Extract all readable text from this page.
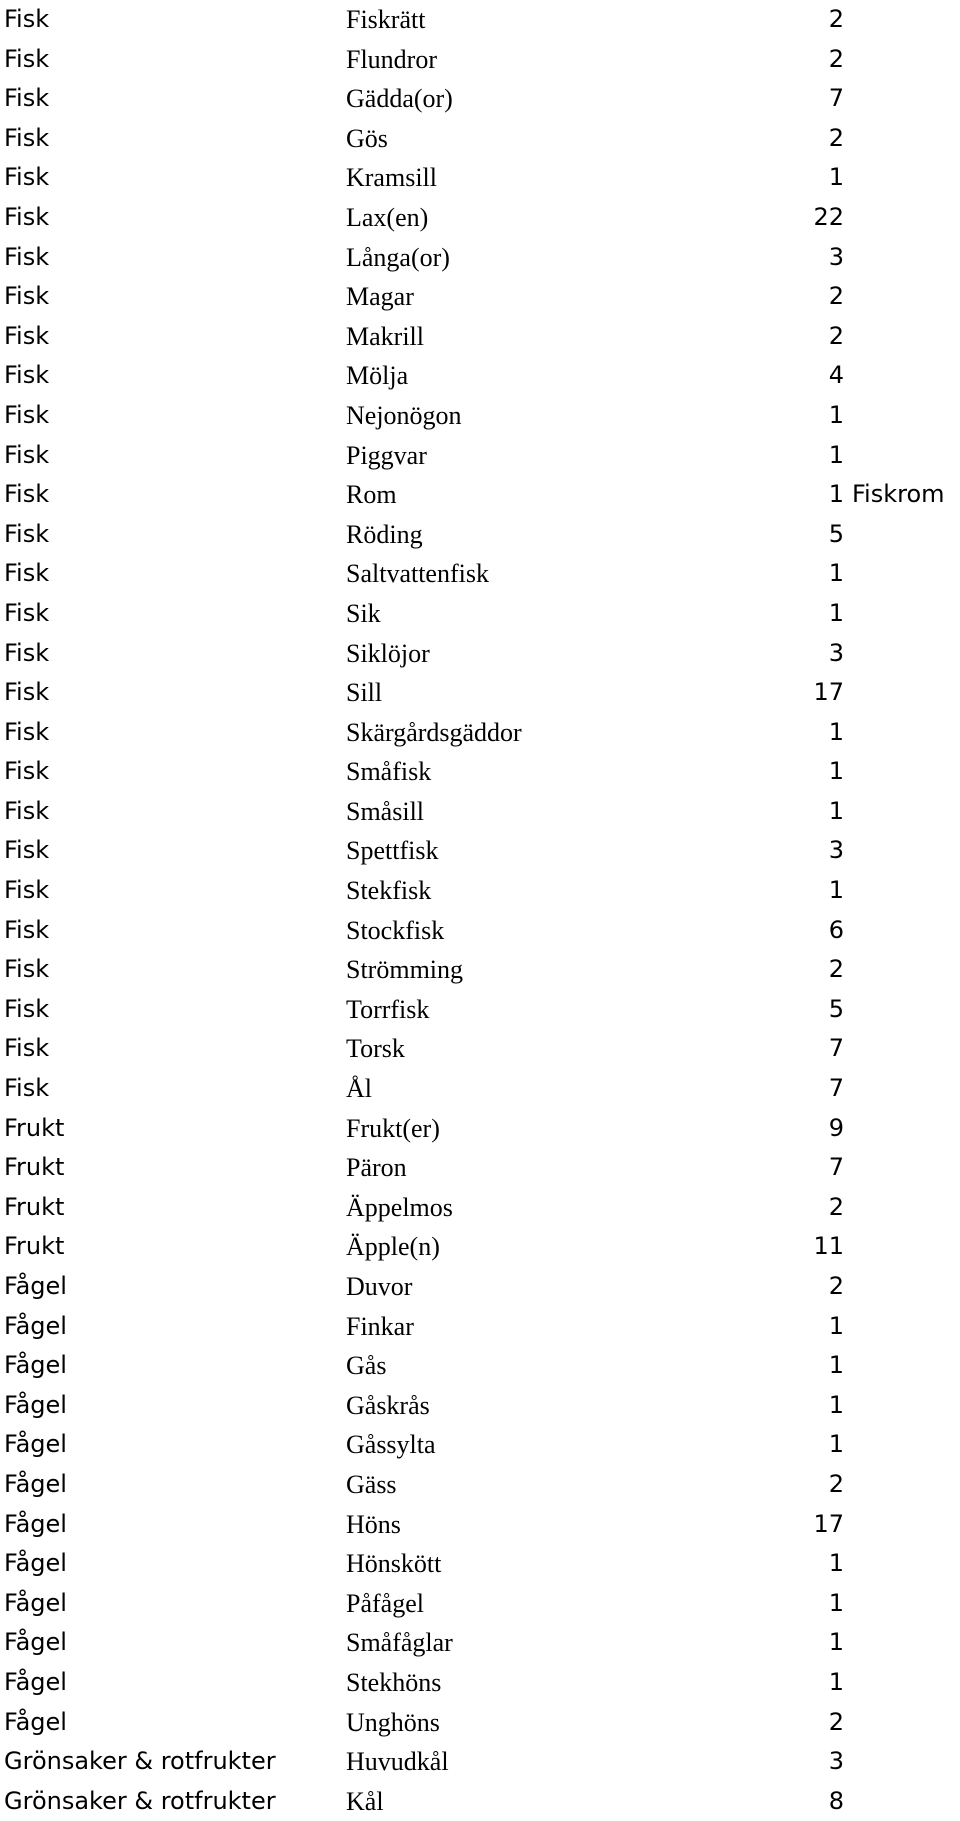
Fisk	Fiskrätt	2
Fisk	Flundror	2
Fisk	Gädda(or)	7
Fisk	Gös	2
Fisk	Kramsill	1
Fisk	Lax(en)	22
Fisk	Långa(or)	3
Fisk	Magar	2
Fisk	Makrill	2
Fisk	Mölja	4
Fisk	Nejonögon	1
Fisk	Piggvar	1
Fisk	Rom	1 Fiskrom
Fisk	Röding	5
Fisk	Saltvattenfisk	1
Fisk	Sik	1
Fisk	Siklöjor	3
Fisk	Sill	17
Fisk	Skärgårdsgäddor	1
Fisk	Småfisk	1
Fisk	Småsill	1
Fisk	Spettfisk	3
Fisk	Stekfisk	1
Fisk	Stockfisk	6
Fisk	Strömming	2
Fisk	Torrfisk	5
Fisk	Torsk	7
Fisk	Ål	7
Frukt	Frukt(er)	9
Frukt	Päron	7
Frukt	Äppelmos	2
Frukt	Äpple(n)	11
Fågel	Duvor	2
Fågel	Finkar	1
Fågel	Gås	1
Fågel	Gåskrås	1
Fågel	Gåssylta	1
Fågel	Gäss	2
Fågel	Höns	17
Fågel	Hönskött	1
Fågel	Påfågel	1
Fågel	Småfåglar	1
Fågel	Stekhöns	1
Fågel	Unghöns	2
Grönsaker & rotfrukter	Huvudkål	3
Grönsaker & rotfrukter	Kål	8
